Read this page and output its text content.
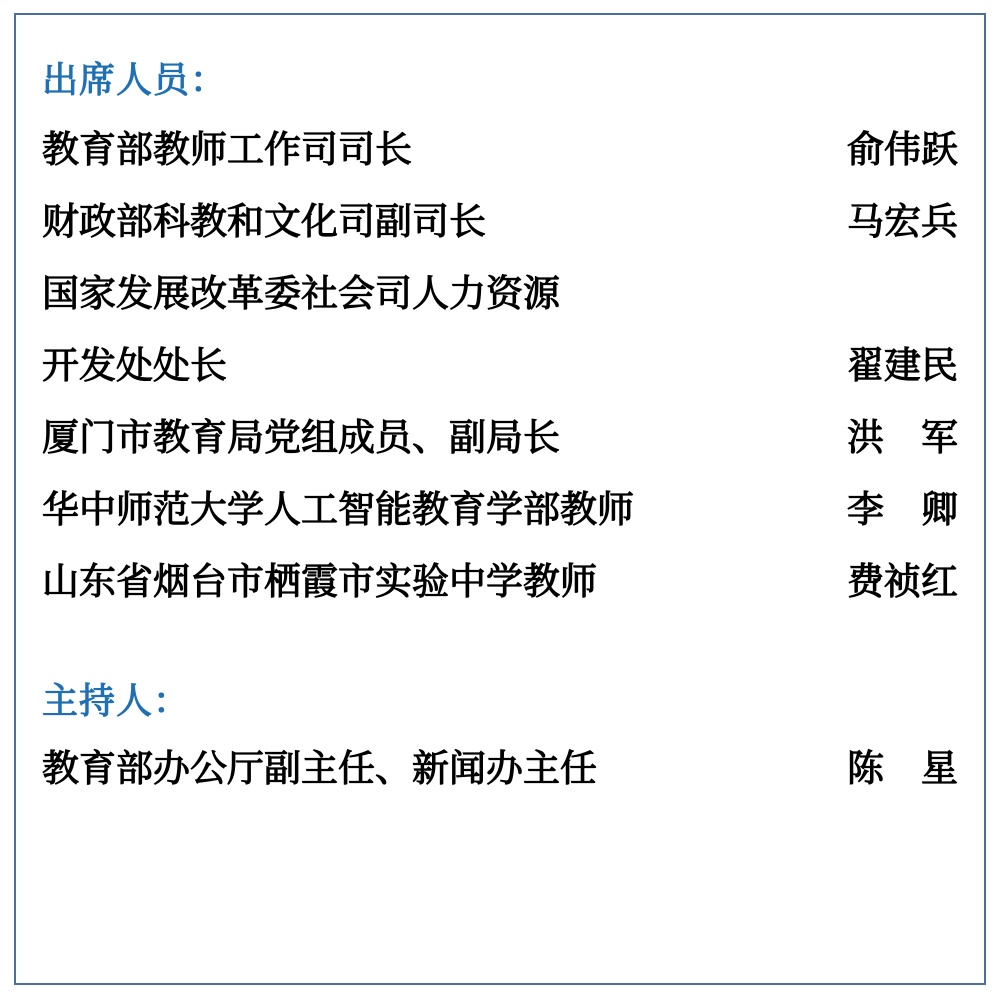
出席人员：
教育部教师工作司司长	俞伟跃
财政部科教和文化司副司长	马宏兵
国家发展改革委社会司人力资源
开发处处长	翟建民
厦门市教育局党组成员、副局长	洪　军
华中师范大学人工智能教育学部教师	李　卿
山东省烟台市栖霞市实验中学教师	费祯红
主持人：
教育部办公厅副主任、新闻办主任	陈　星
